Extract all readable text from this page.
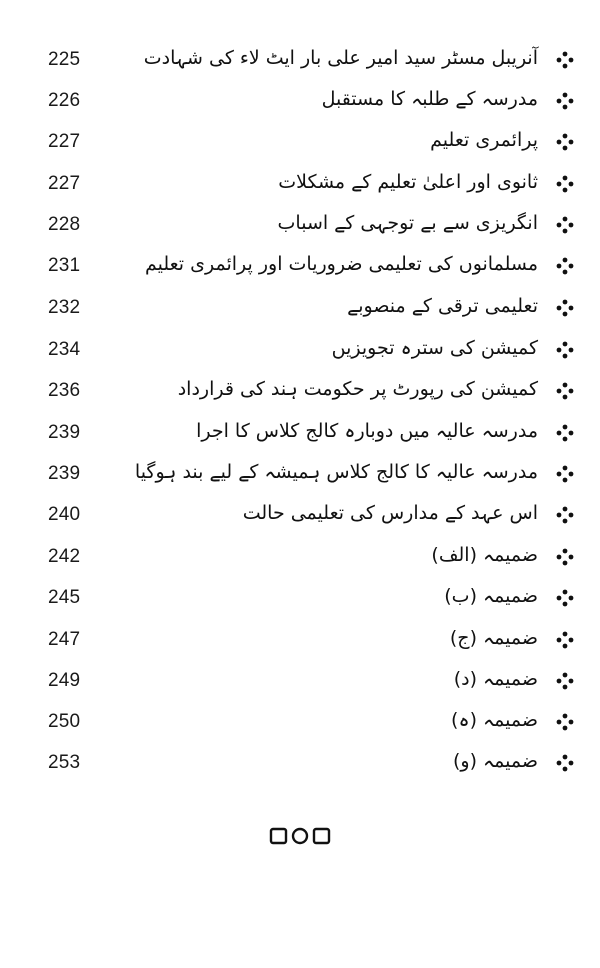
225	آنریبل مسٹر سید امیر علی بار ایٹ لاء کی شہادت
226	مدرسہ کے طلبہ کا مستقبل
227	پرائمری تعلیم
227	ثانوی اور اعلیٰ تعلیم کے مشکلات
228	انگریزی سے بے توجہی کے اسباب
231	مسلمانوں کی تعلیمی ضروریات اور پرائمری تعلیم
232	تعلیمی ترقی کے منصوبے
234	کمیشن کی سترہ تجویزیں
236	کمیشن کی رپورٹ پر حکومت ہند کی قرارداد
239	مدرسہ عالیہ میں دوبارہ کالج کلاس کا اجرا
239	مدرسہ عالیہ کا کالج کلاس ہمیشہ کے لیے بند ہوگیا
240	اس عہد کے مدارس کی تعلیمی حالت
242	ضمیمہ (الف)
245	ضمیمہ (ب)
247	ضمیمہ (ج)
249	ضمیمہ (د)
250	ضمیمہ (ہ)
253	ضمیمہ (و)
